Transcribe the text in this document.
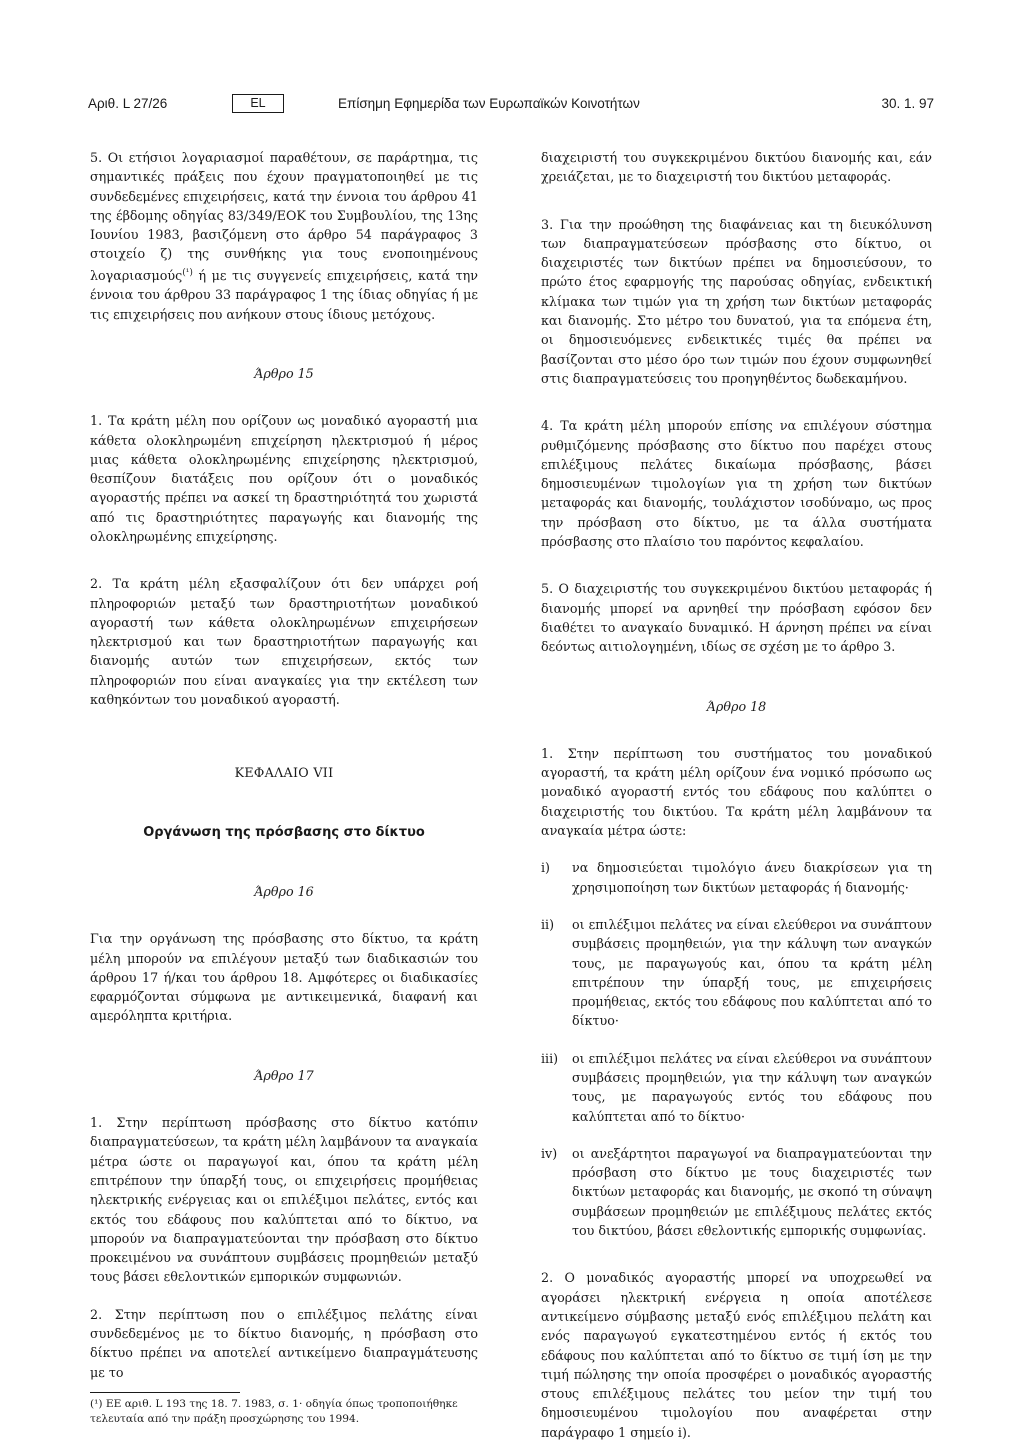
Αριθ. L 27/26	EL	Επίσημη Εφημερίδα των Ευρωπαϊκών Κοινοτήτων	30. 1. 97

5. Οι ετήσιοι λογαριασμοί παραθέτουν, σε παράρτημα, τις σημαντικές πράξεις που έχουν πραγματοποιηθεί με τις συνδεδεμένες επιχειρήσεις, κατά την έννοια του άρθρου 41 της έβδομης οδηγίας 83/349/ΕΟΚ του Συμβουλίου, της 13ης Ιουνίου 1983, βασιζόμενη στο άρθρο 54 παράγραφος 3 στοιχείο ζ) της συνθήκης για τους ενοποιημένους λογαριασμούς$^{(^1)}$ ή με τις συγγενείς επιχειρήσεις, κατά την έννοια του άρθρου 33 παράγραφος 1 της ίδιας οδηγίας ή με τις επιχειρήσεις που ανήκουν στους ίδιους μετόχους.

Άρθρο 15

1. Τα κράτη μέλη που ορίζουν ως μοναδικό αγοραστή μια κάθετα ολοκληρωμένη επιχείρηση ηλεκτρισμού ή μέρος μιας κάθετα ολοκληρωμένης επιχείρησης ηλεκτρισμού, θεσπίζουν διατάξεις που ορίζουν ότι ο μοναδικός αγοραστής πρέπει να ασκεί τη δραστηριότητά του χωριστά από τις δραστηριότητες παραγωγής και διανομής της ολοκληρωμένης επιχείρησης.

2. Τα κράτη μέλη εξασφαλίζουν ότι δεν υπάρχει ροή πληροφοριών μεταξύ των δραστηριοτήτων μοναδικού αγοραστή των κάθετα ολοκληρωμένων επιχειρήσεων ηλεκτρισμού και των δραστηριοτήτων παραγωγής και διανομής αυτών των επιχειρήσεων, εκτός των πληροφοριών που είναι αναγκαίες για την εκτέλεση των καθηκόντων του μοναδικού αγοραστή.

ΚΕΦΑΛΑΙΟ VII

Οργάνωση της πρόσβασης στο δίκτυο

Άρθρο 16

Για την οργάνωση της πρόσβασης στο δίκτυο, τα κράτη μέλη μπορούν να επιλέγουν μεταξύ των διαδικασιών του άρθρου 17 ή/και του άρθρου 18. Αμφότερες οι διαδικασίες εφαρμόζονται σύμφωνα με αντικειμενικά, διαφανή και αμερόληπτα κριτήρια.

Άρθρο 17

1. Στην περίπτωση πρόσβασης στο δίκτυο κατόπιν διαπραγματεύσεων, τα κράτη μέλη λαμβάνουν τα αναγκαία μέτρα ώστε οι παραγωγοί και, όπου τα κράτη μέλη επιτρέπουν την ύπαρξή τους, οι επιχειρήσεις προμήθειας ηλεκτρικής ενέργειας και οι επιλέξιμοι πελάτες, εντός και εκτός του εδάφους που καλύπτεται από το δίκτυο, να μπορούν να διαπραγματεύονται την πρόσβαση στο δίκτυο προκειμένου να συνάπτουν συμβάσεις προμηθειών μεταξύ τους βάσει εθελοντικών εμπορικών συμφωνιών.

2. Στην περίπτωση που ο επιλέξιμος πελάτης είναι συνδεδεμένος με το δίκτυο διανομής, η πρόσβαση στο δίκτυο πρέπει να αποτελεί αντικείμενο διαπραγμάτευσης με το

(¹) ΕΕ αριθ. L 193 της 18. 7. 1983, σ. 1· οδηγία όπως τροποποιήθηκε τελευταία από την πράξη προσχώρησης του 1994.

διαχειριστή του συγκεκριμένου δικτύου διανομής και, εάν χρειάζεται, με το διαχειριστή του δικτύου μεταφοράς.

3. Για την προώθηση της διαφάνειας και τη διευκόλυνση των διαπραγματεύσεων πρόσβασης στο δίκτυο, οι διαχειριστές των δικτύων πρέπει να δημοσιεύσουν, το πρώτο έτος εφαρμογής της παρούσας οδηγίας, ενδεικτική κλίμακα των τιμών για τη χρήση των δικτύων μεταφοράς και διανομής. Στο μέτρο του δυνατού, για τα επόμενα έτη, οι δημοσιευόμενες ενδεικτικές τιμές θα πρέπει να βασίζονται στο μέσο όρο των τιμών που έχουν συμφωνηθεί στις διαπραγματεύσεις του προηγηθέντος δωδεκαμήνου.

4. Τα κράτη μέλη μπορούν επίσης να επιλέγουν σύστημα ρυθμιζόμενης πρόσβασης στο δίκτυο που παρέχει στους επιλέξιμους πελάτες δικαίωμα πρόσβασης, βάσει δημοσιευμένων τιμολογίων για τη χρήση των δικτύων μεταφοράς και διανομής, τουλάχιστον ισοδύναμο, ως προς την πρόσβαση στο δίκτυο, με τα άλλα συστήματα πρόσβασης στο πλαίσιο του παρόντος κεφαλαίου.

5. Ο διαχειριστής του συγκεκριμένου δικτύου μεταφοράς ή διανομής μπορεί να αρνηθεί την πρόσβαση εφόσον δεν διαθέτει το αναγκαίο δυναμικό. Η άρνηση πρέπει να είναι δεόντως αιτιολογημένη, ιδίως σε σχέση με το άρθρο 3.

Άρθρο 18

1. Στην περίπτωση του συστήματος του μοναδικού αγοραστή, τα κράτη μέλη ορίζουν ένα νομικό πρόσωπο ως μοναδικό αγοραστή εντός του εδάφους που καλύπτει ο διαχειριστής του δικτύου. Τα κράτη μέλη λαμβάνουν τα αναγκαία μέτρα ώστε:

i)	να δημοσιεύεται τιμολόγιο άνευ διακρίσεων για τη χρησιμοποίηση των δικτύων μεταφοράς ή διανομής·
ii)	οι επιλέξιμοι πελάτες να είναι ελεύθεροι να συνάπτουν συμβάσεις προμηθειών, για την κάλυψη των αναγκών τους, με παραγωγούς και, όπου τα κράτη μέλη επιτρέπουν την ύπαρξή τους, με επιχειρήσεις προμήθειας, εκτός του εδάφους που καλύπτεται από το δίκτυο·
iii)	οι επιλέξιμοι πελάτες να είναι ελεύθεροι να συνάπτουν συμβάσεις προμηθειών, για την κάλυψη των αναγκών τους, με παραγωγούς εντός του εδάφους που καλύπτεται από το δίκτυο·
iv)	οι ανεξάρτητοι παραγωγοί να διαπραγματεύονται την πρόσβαση στο δίκτυο με τους διαχειριστές των δικτύων μεταφοράς και διανομής, με σκοπό τη σύναψη συμβάσεων προμηθειών με επιλέξιμους πελάτες εκτός του δικτύου, βάσει εθελοντικής εμπορικής συμφωνίας.

2. Ο μοναδικός αγοραστής μπορεί να υποχρεωθεί να αγοράσει ηλεκτρική ενέργεια η οποία αποτέλεσε αντικείμενο σύμβασης μεταξύ ενός επιλέξιμου πελάτη και ενός παραγωγού εγκατεστημένου εντός ή εκτός του εδάφους που καλύπτεται από το δίκτυο σε τιμή ίση με την τιμή πώλησης την οποία προσφέρει ο μοναδικός αγοραστής στους επιλέξιμους πελάτες του μείον την τιμή του δημοσιευμένου τιμολογίου που αναφέρεται στην παράγραφο 1 σημείο i).
